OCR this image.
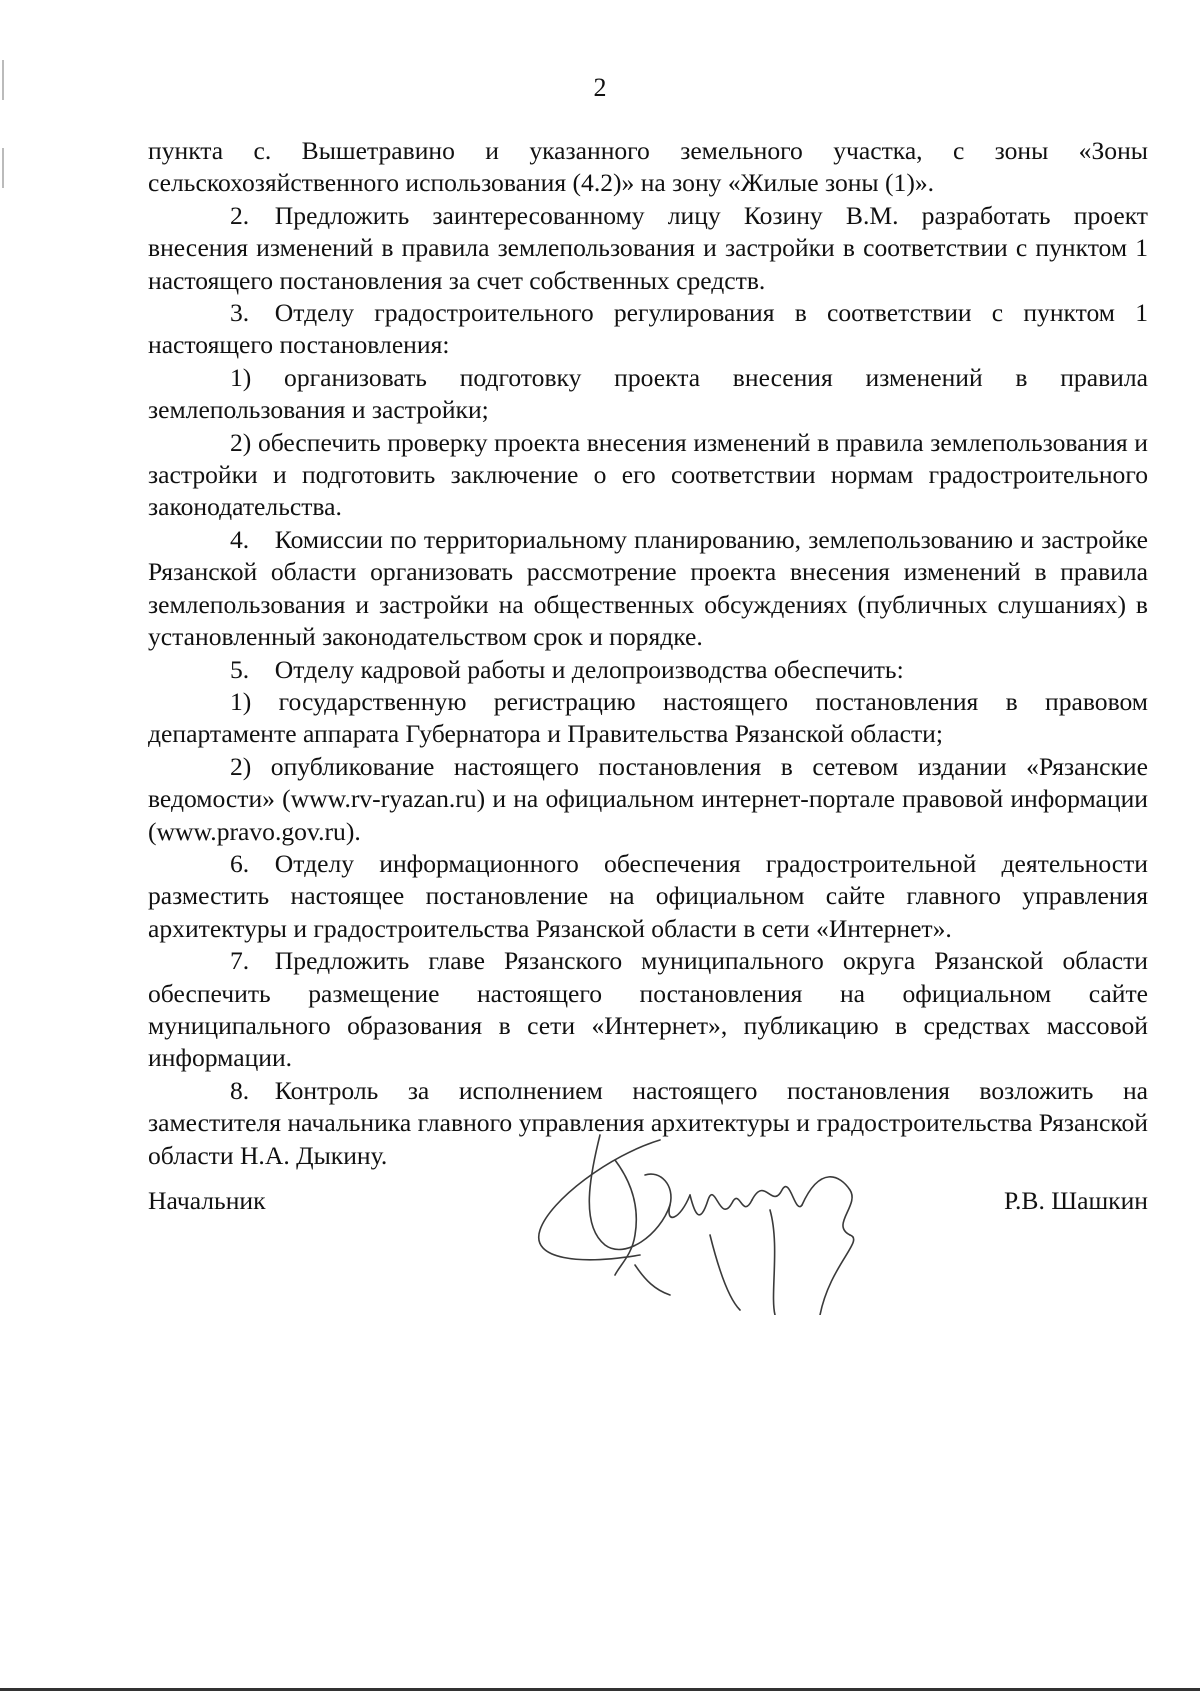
2

пункта с. Вышетравино и указанного земельного участка, с зоны «Зоны сельскохозяйственного использования (4.2)» на зону «Жилые зоны (1)».

2. Предложить заинтересованному лицу Козину В.М. разработать проект внесения изменений в правила землепользования и застройки в соответствии с пунктом 1 настоящего постановления за счет собственных средств.

3. Отделу градостроительного регулирования в соответствии с пунктом 1 настоящего постановления:

1) организовать подготовку проекта внесения изменений в правила землепользования и застройки;

2) обеспечить проверку проекта внесения изменений в правила землепользования и застройки и подготовить заключение о его соответствии нормам градостроительного законодательства.

4. Комиссии по территориальному планированию, землепользованию и застройке Рязанской области организовать рассмотрение проекта внесения изменений в правила землепользования и застройки на общественных обсуждениях (публичных слушаниях) в установленный законодательством срок и порядке.

5. Отделу кадровой работы и делопроизводства обеспечить:

1) государственную регистрацию настоящего постановления в правовом департаменте аппарата Губернатора и Правительства Рязанской области;

2) опубликование настоящего постановления в сетевом издании «Рязанские ведомости» (www.rv-ryazan.ru) и на официальном интернет-портале правовой информации (www.pravo.gov.ru).

6. Отделу информационного обеспечения градостроительной деятельности разместить настоящее постановление на официальном сайте главного управления архитектуры и градостроительства Рязанской области в сети «Интернет».

7. Предложить главе Рязанского муниципального округа Рязанской области обеспечить размещение настоящего постановления на официальном сайте муниципального образования в сети «Интернет», публикацию в средствах массовой информации.

8. Контроль за исполнением настоящего постановления возложить на заместителя начальника главного управления архитектуры и градостроительства Рязанской области Н.А. Дыкину.

Начальник	Р.В. Шашкин
